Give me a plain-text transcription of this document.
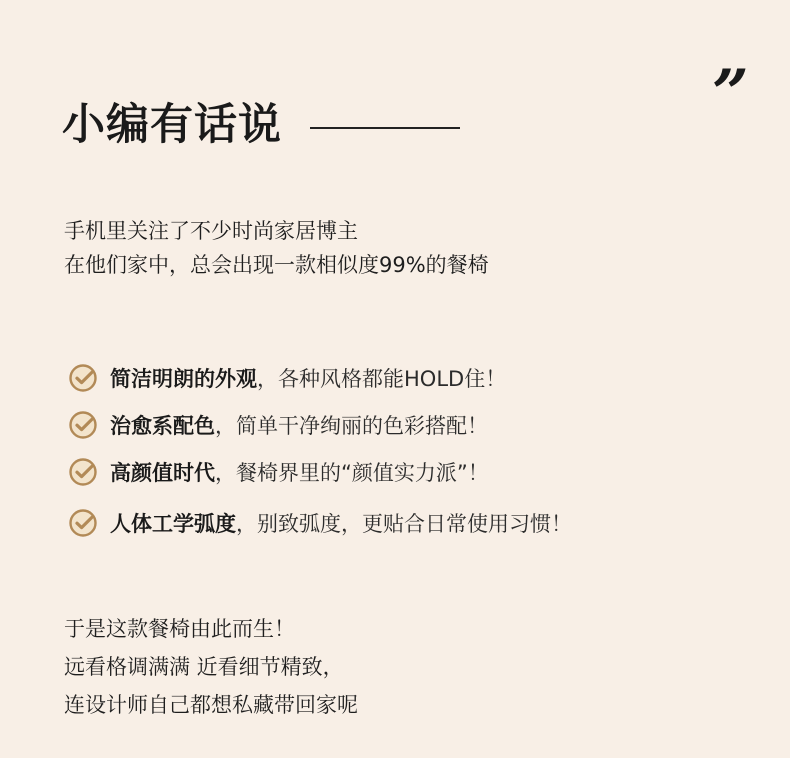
”
小编有话说
手机里关注了不少时尚家居博主
在他们家中，总会出现一款相似度99%的餐椅
简洁明朗的外观 ，各种风格都能HOLD住！
治愈系配色 ，简单干净绚丽的色彩搭配！
高颜值时代 ，餐椅界里的“颜值实力派”！
人体工学弧度 ，别致弧度，更贴合日常使用习惯！
于是这款餐椅由此而生！
远看格调满满 近看细节精致，
连设计师自己都想私藏带回家呢
